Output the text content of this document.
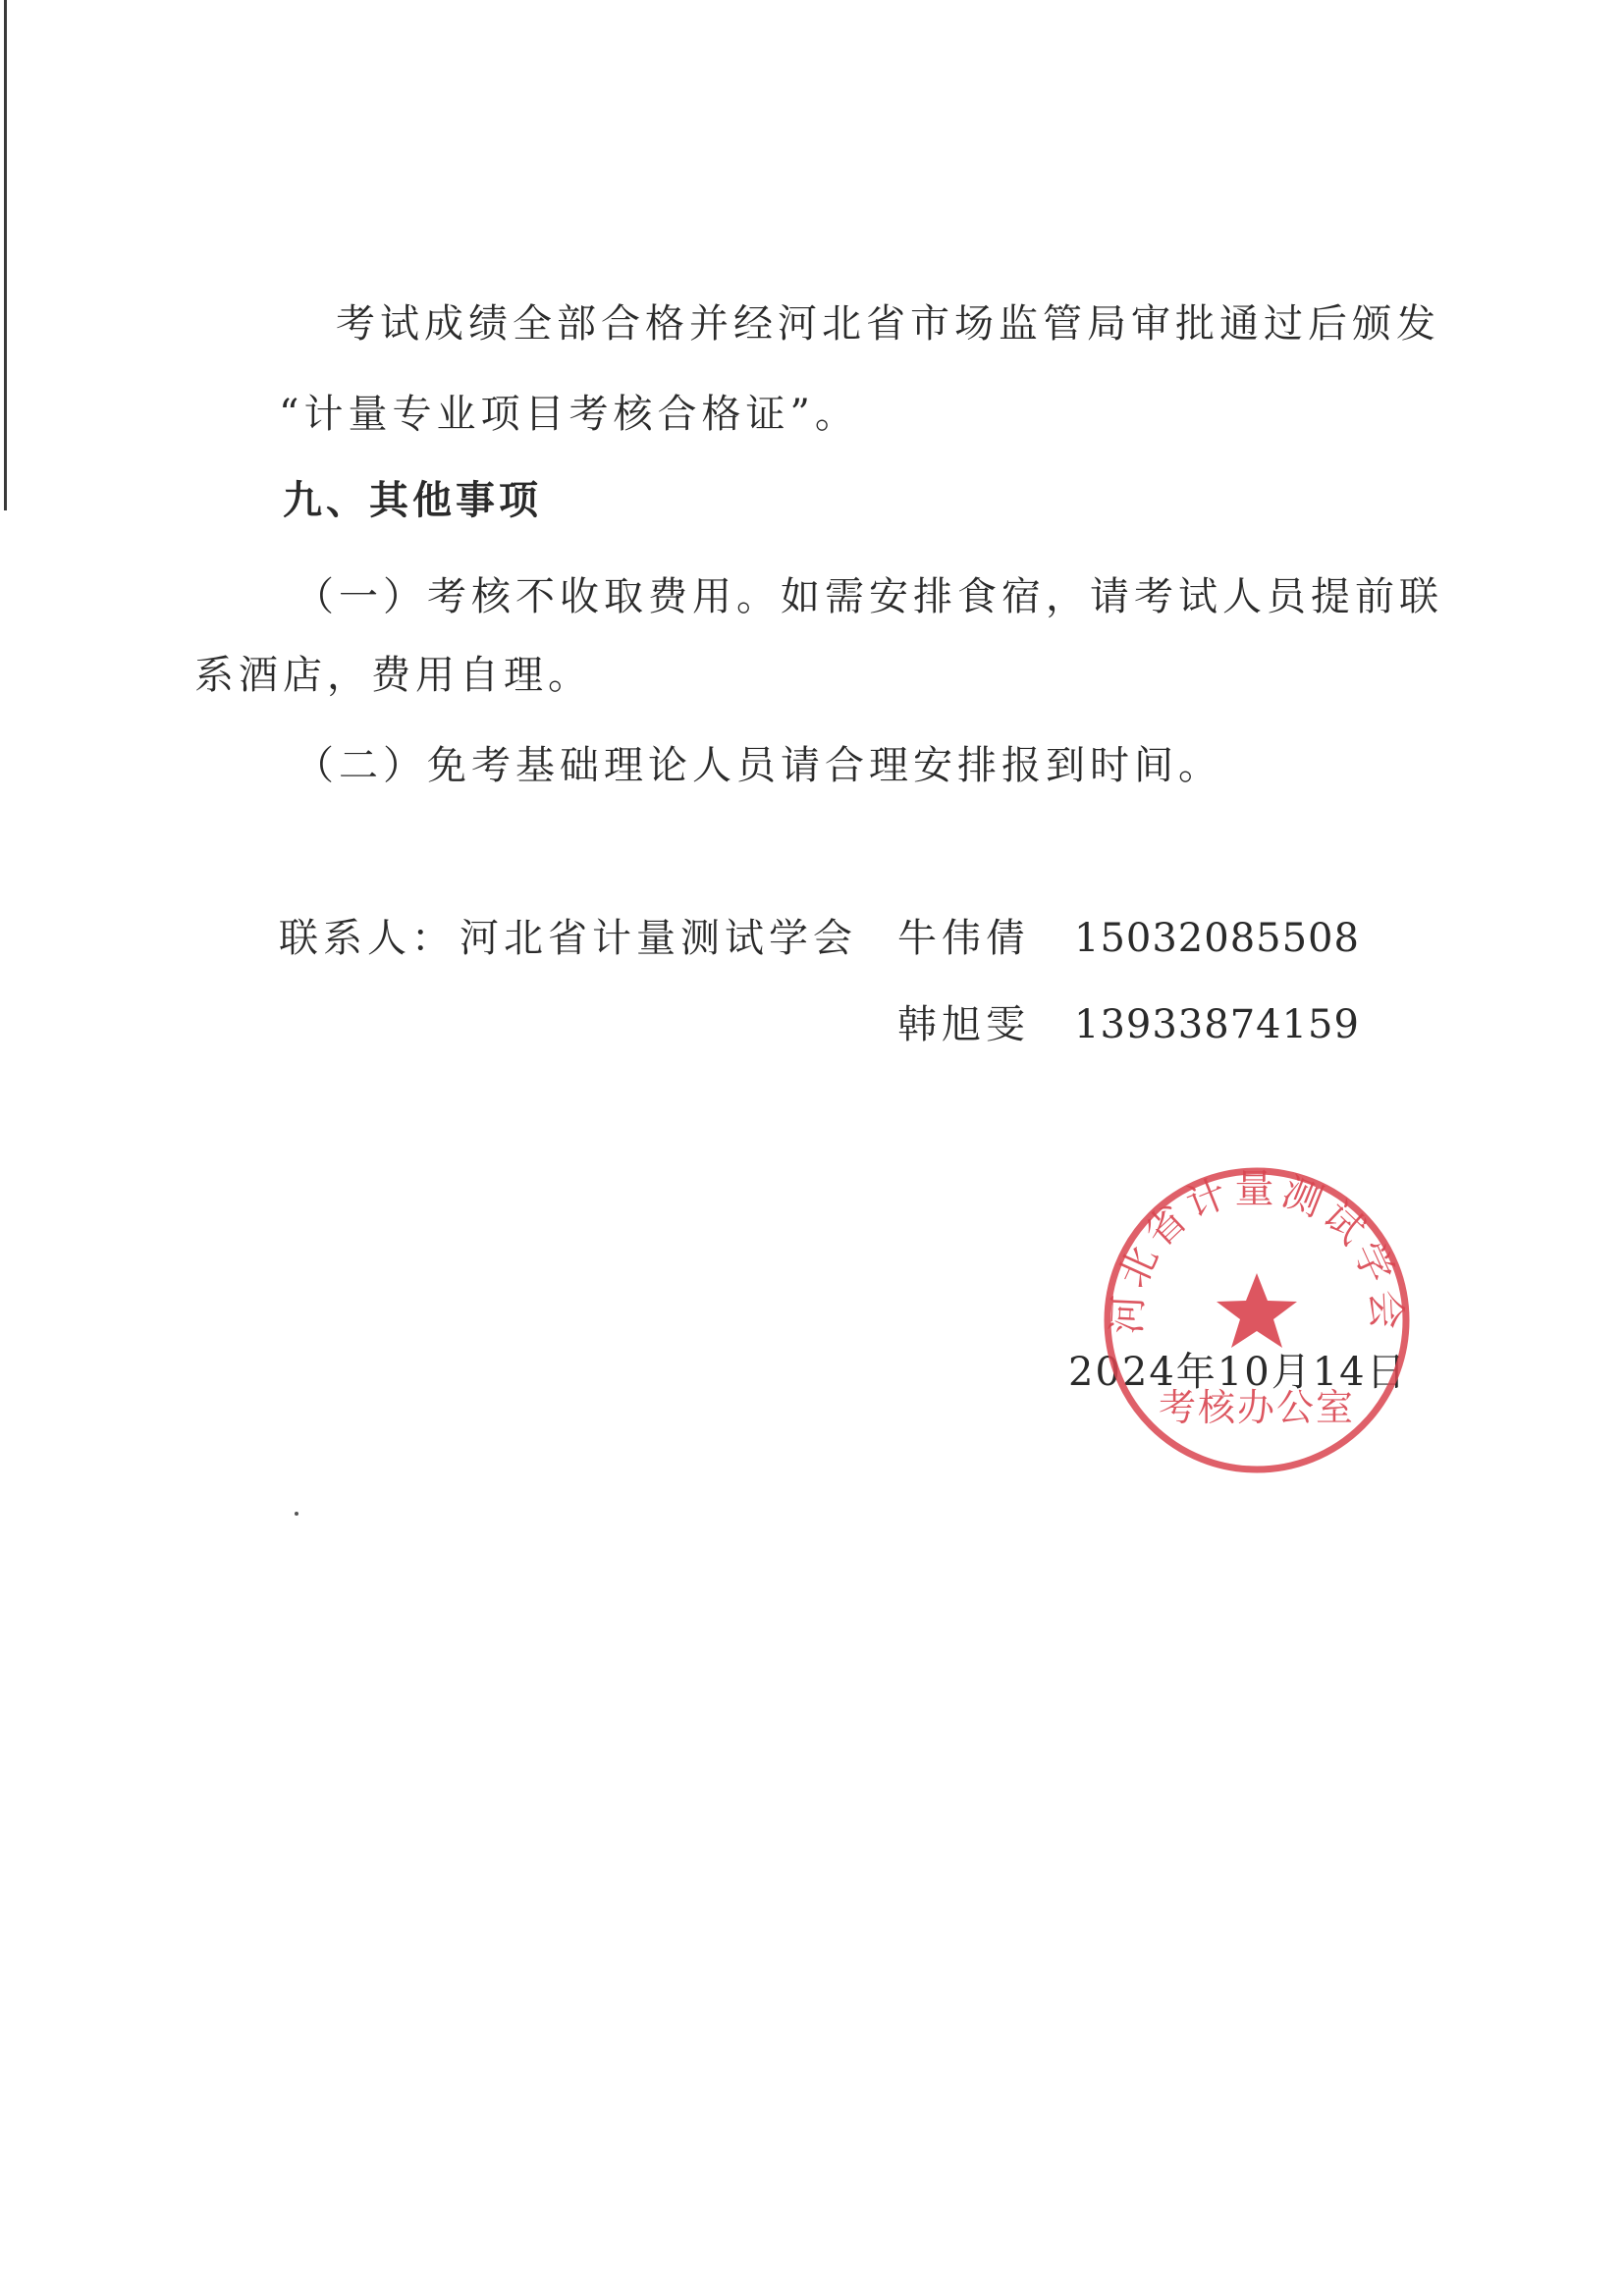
考试成绩全部合格并经河北省市场监管局审批通过后颁发
“计量专业项目考核合格证”。
九、其他事项
（一）考核不收取费用。如需安排食宿，请考试人员提前联
系酒店，费用自理。
（二）免考基础理论人员请合理安排报到时间。
联系人： 河北省计量测试学会 牛伟倩 15032085508
韩旭雯 13933874159
2024年10月14日
河北省计量测试学会
考核办公室
